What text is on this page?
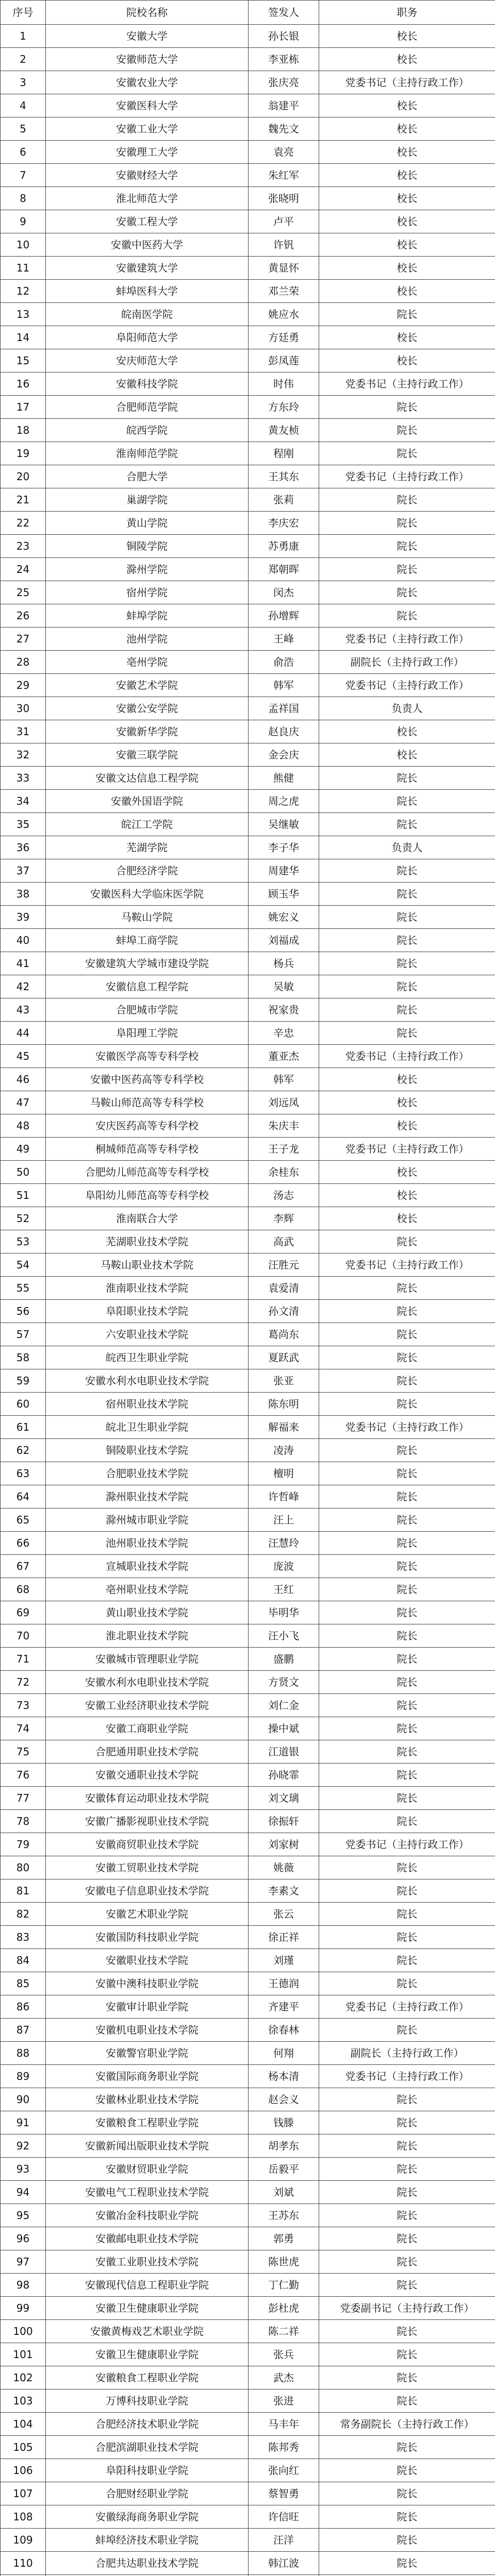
序号	院校名称	签发人	职务
1	安徽大学	孙长银	校长
2	安徽师范大学	李亚栋	校长
3	安徽农业大学	张庆亮	党委书记（主持行政工作）
4	安徽医科大学	翁建平	校长
5	安徽工业大学	魏先文	校长
6	安徽理工大学	袁亮	校长
7	安徽财经大学	朱红军	校长
8	淮北师范大学	张晓明	校长
9	安徽工程大学	卢平	校长
10	安徽中医药大学	许钒	校长
11	安徽建筑大学	黄显怀	校长
12	蚌埠医科大学	邓兰荣	校长
13	皖南医学院	姚应水	院长
14	阜阳师范大学	方廷勇	校长
15	安庆师范大学	彭凤莲	校长
16	安徽科技学院	时伟	党委书记（主持行政工作）
17	合肥师范学院	方东玲	院长
18	皖西学院	黄友桢	院长
19	淮南师范学院	程刚	院长
20	合肥大学	王其东	党委书记（主持行政工作）
21	巢湖学院	张莉	院长
22	黄山学院	李庆宏	院长
23	铜陵学院	苏勇康	院长
24	滁州学院	郑朝晖	院长
25	宿州学院	闵杰	院长
26	蚌埠学院	孙增辉	院长
27	池州学院	王峰	党委书记（主持行政工作）
28	亳州学院	俞浩	副院长（主持行政工作）
29	安徽艺术学院	韩军	党委书记（主持行政工作）
30	安徽公安学院	孟祥国	负责人
31	安徽新华学院	赵良庆	校长
32	安徽三联学院	金会庆	校长
33	安徽文达信息工程学院	熊健	院长
34	安徽外国语学院	周之虎	院长
35	皖江工学院	吴继敏	院长
36	芜湖学院	李子华	负责人
37	合肥经济学院	周建华	院长
38	安徽医科大学临床医学院	顾玉华	院长
39	马鞍山学院	姚宏义	院长
40	蚌埠工商学院	刘福成	院长
41	安徽建筑大学城市建设学院	杨兵	院长
42	安徽信息工程学院	吴敏	院长
43	合肥城市学院	祝家贵	院长
44	阜阳理工学院	辛忠	院长
45	安徽医学高等专科学校	董亚杰	党委书记（主持行政工作）
46	安徽中医药高等专科学校	韩军	校长
47	马鞍山师范高等专科学校	刘远凤	校长
48	安庆医药高等专科学校	朱庆丰	校长
49	桐城师范高等专科学校	王子龙	党委书记（主持行政工作）
50	合肥幼儿师范高等专科学校	余桂东	校长
51	阜阳幼儿师范高等专科学校	汤志	校长
52	淮南联合大学	李辉	校长
53	芜湖职业技术学院	高武	院长
54	马鞍山职业技术学院	汪胜元	党委书记（主持行政工作）
55	淮南职业技术学院	袁爱清	院长
56	阜阳职业技术学院	孙文清	院长
57	六安职业技术学院	葛尚东	院长
58	皖西卫生职业学院	夏跃武	院长
59	安徽水利水电职业技术学院	张亚	院长
60	宿州职业技术学院	陈东明	院长
61	皖北卫生职业学院	解福来	党委书记（主持行政工作）
62	铜陵职业技术学院	凌涛	院长
63	合肥职业技术学院	檀明	院长
64	滁州职业技术学院	许哲峰	院长
65	滁州城市职业学院	汪上	院长
66	池州职业技术学院	汪慧玲	院长
67	宣城职业技术学院	庞波	院长
68	亳州职业技术学院	王红	院长
69	黄山职业技术学院	毕明华	院长
70	淮北职业技术学院	汪小飞	院长
71	安徽城市管理职业学院	盛鹏	院长
72	安徽水利水电职业技术学院	方贤文	院长
73	安徽工业经济职业技术学院	刘仁金	院长
74	安徽工商职业学院	操中斌	院长
75	合肥通用职业技术学院	江道银	院长
76	安徽交通职业技术学院	孙晓霏	院长
77	安徽体育运动职业技术学院	刘文璃	院长
78	安徽广播影视职业技术学院	徐振轩	院长
79	安徽商贸职业技术学院	刘家树	党委书记（主持行政工作）
80	安徽工贸职业技术学院	姚薇	院长
81	安徽电子信息职业技术学院	李素文	院长
82	安徽艺术职业学院	张云	院长
83	安徽国防科技职业学院	徐正祥	院长
84	安徽职业技术学院	刘瑾	院长
85	安徽中澳科技职业学院	王德润	院长
86	安徽审计职业学院	齐建平	党委书记（主持行政工作）
87	安徽机电职业技术学院	徐春林	院长
88	安徽警官职业学院	何翔	副院长（主持行政工作）
89	安徽国际商务职业学院	杨本清	党委书记（主持行政工作）
90	安徽林业职业技术学院	赵会义	院长
91	安徽粮食工程职业学院	钱滕	院长
92	安徽新闻出版职业技术学院	胡孝东	院长
93	安徽财贸职业学院	岳毅平	院长
94	安徽电气工程职业技术学院	刘斌	院长
95	安徽冶金科技职业学院	王苏东	院长
96	安徽邮电职业技术学院	郭勇	院长
97	安徽工业职业技术学院	陈世虎	院长
98	安徽现代信息工程职业学院	丁仁勤	院长
99	安徽卫生健康职业学院	彭杜虎	党委副书记（主持行政工作）
100	安徽黄梅戏艺术职业学院	陈二祥	院长
101	安徽卫生健康职业学院	张兵	院长
102	安徽粮食工程职业学院	武杰	院长
103	万博科技职业学院	张进	院长
104	合肥经济技术职业学院	马丰年	常务副院长（主持行政工作）
105	合肥滨湖职业技术学院	陈邦秀	院长
106	阜阳科技职业学院	张向红	院长
107	合肥财经职业学院	蔡智勇	院长
108	安徽绿海商务职业学院	许信旺	院长
109	蚌埠经济技术职业学院	汪洋	院长
110	合肥共达职业技术学院	韩江波	院长
